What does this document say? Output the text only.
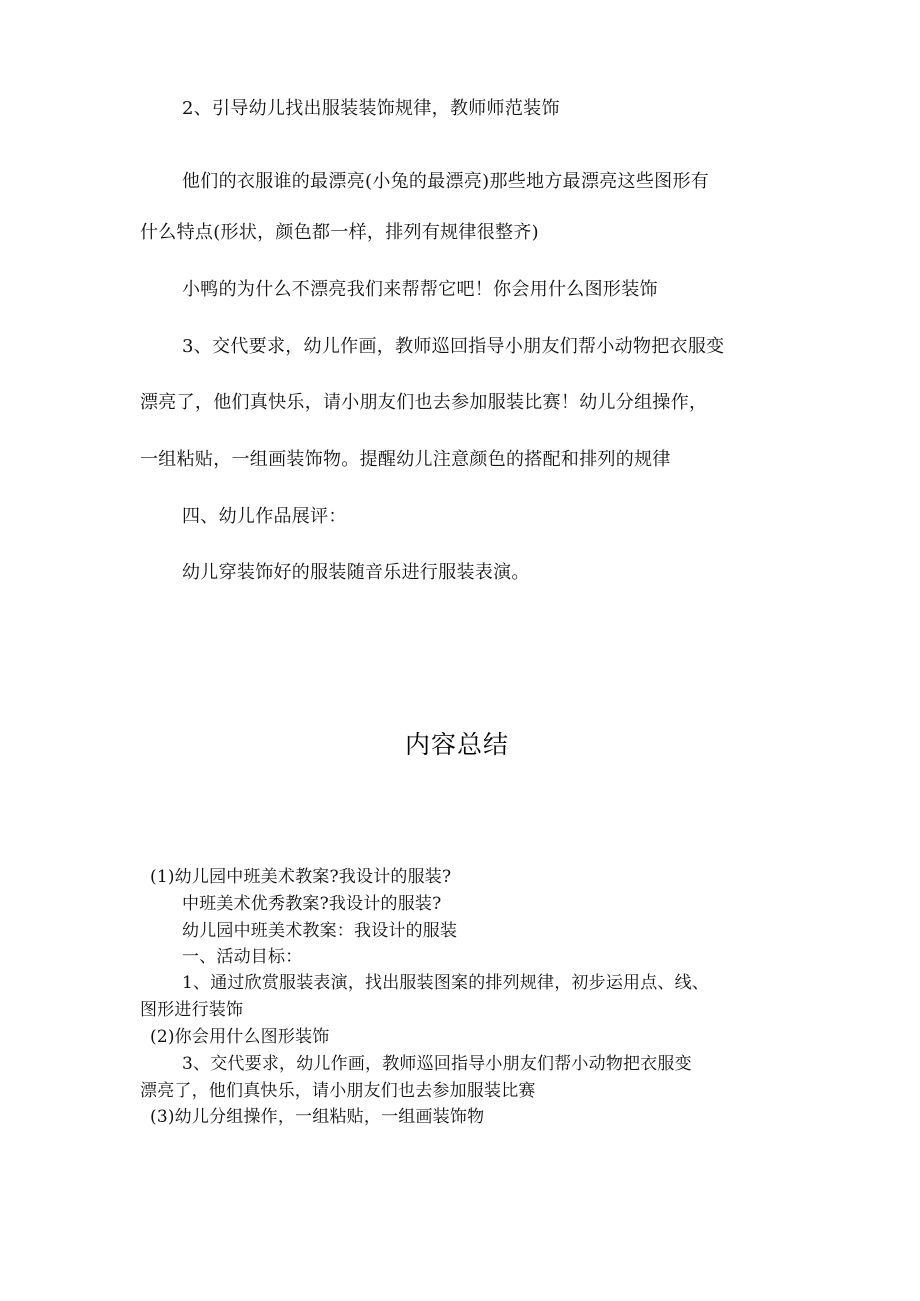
2、引导幼儿找出服装装饰规律，教师师范装饰
他们的衣服谁的最漂亮(小兔的最漂亮)那些地方最漂亮这些图形有
什么特点(形状，颜色都一样，排列有规律很整齐)
小鸭的为什么不漂亮我们来帮帮它吧！你会用什么图形装饰
3、交代要求，幼儿作画，教师巡回指导小朋友们帮小动物把衣服变
漂亮了，他们真快乐，请小朋友们也去参加服装比赛！幼儿分组操作，
一组粘贴，一组画装饰物。提醒幼儿注意颜色的搭配和排列的规律
四、幼儿作品展评：
幼儿穿装饰好的服装随音乐进行服装表演。
内容总结
(1)幼儿园中班美术教案?我设计的服装?
中班美术优秀教案?我设计的服装?
幼儿园中班美术教案：我设计的服装
一、活动目标：
1、通过欣赏服装表演，找出服装图案的排列规律，初步运用点、线、
图形进行装饰
(2)你会用什么图形装饰
3、交代要求，幼儿作画，教师巡回指导小朋友们帮小动物把衣服变
漂亮了，他们真快乐，请小朋友们也去参加服装比赛
(3)幼儿分组操作，一组粘贴，一组画装饰物
